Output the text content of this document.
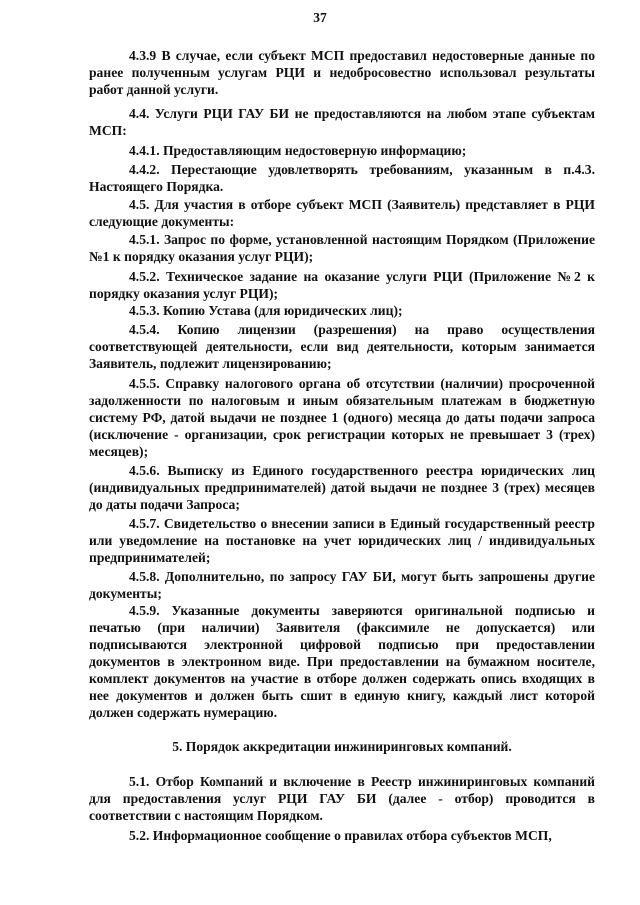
37
4.3.9 В случае, если субъект МСП предоставил недостоверные данные по ранее полученным услугам РЦИ и недобросовестно использовал результаты работ данной услуги.
4.4. Услуги РЦИ ГАУ БИ не предоставляются на любом этапе субъектам МСП:
4.4.1. Предоставляющим недостоверную информацию;
4.4.2. Перестающие удовлетворять требованиям, указанным в п.4.3. Настоящего Порядка.
4.5. Для участия в отборе субъект МСП (Заявитель) представляет в РЦИ следующие документы:
4.5.1. Запрос по форме, установленной настоящим Порядком (Приложение №1 к порядку оказания услуг РЦИ);
4.5.2. Техническое задание на оказание услуги РЦИ (Приложение №2 к порядку оказания услуг РЦИ);
4.5.3. Копию Устава (для юридических лиц);
4.5.4. Копию лицензии (разрешения) на право осуществления соответствующей деятельности, если вид деятельности, которым занимается Заявитель, подлежит лицензированию;
4.5.5. Справку налогового органа об отсутствии (наличии) просроченной задолженности по налоговым и иным обязательным платежам в бюджетную систему РФ, датой выдачи не позднее 1 (одного) месяца до даты подачи запроса (исключение - организации, срок регистрации которых не превышает 3 (трех) месяцев);
4.5.6. Выписку из Единого государственного реестра юридических лиц (индивидуальных предпринимателей) датой выдачи не позднее 3 (трех) месяцев до даты подачи Запроса;
4.5.7. Свидетельство о внесении записи в Единый государственный реестр или уведомление на постановке на учет юридических лиц / индивидуальных предпринимателей;
4.5.8. Дополнительно, по запросу ГАУ БИ, могут быть запрошены другие документы;
4.5.9. Указанные документы заверяются оригинальной подписью и печатью (при наличии) Заявителя (факсимиле не допускается) или подписываются электронной цифровой подписью при предоставлении документов в электронном виде. При предоставлении на бумажном носителе, комплект документов на участие в отборе должен содержать опись входящих в нее документов и должен быть сшит в единую книгу, каждый лист которой должен содержать нумерацию.
5. Порядок аккредитации инжиниринговых компаний.
5.1. Отбор Компаний и включение в Реестр инжиниринговых компаний для предоставления услуг РЦИ ГАУ БИ (далее - отбор) проводится в соответствии с настоящим Порядком.
5.2. Информационное сообщение о правилах отбора субъектов МСП,
